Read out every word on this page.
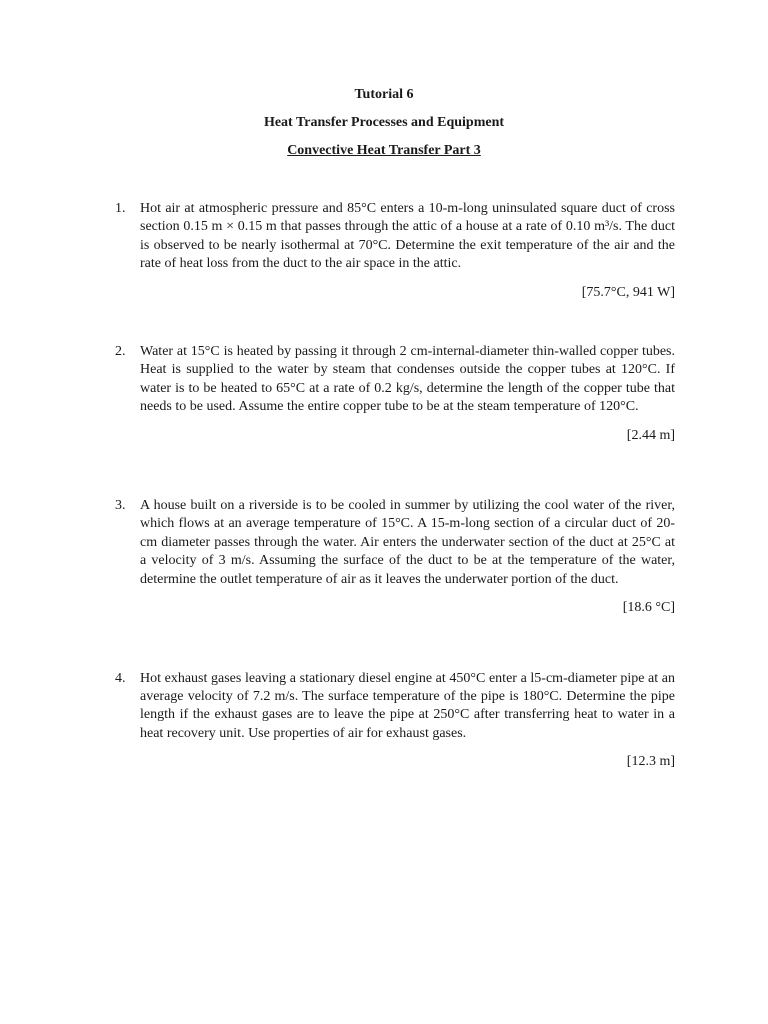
Tutorial 6
Heat Transfer Processes and Equipment
Convective Heat Transfer Part 3
1. Hot air at atmospheric pressure and 85°C enters a 10-m-long uninsulated square duct of cross section 0.15 m × 0.15 m that passes through the attic of a house at a rate of 0.10 m³/s. The duct is observed to be nearly isothermal at 70°C. Determine the exit temperature of the air and the rate of heat loss from the duct to the air space in the attic.
[75.7°C, 941 W]
2. Water at 15°C is heated by passing it through 2 cm-internal-diameter thin-walled copper tubes. Heat is supplied to the water by steam that condenses outside the copper tubes at 120°C. If water is to be heated to 65°C at a rate of 0.2 kg/s, determine the length of the copper tube that needs to be used. Assume the entire copper tube to be at the steam temperature of 120°C.
[2.44 m]
3. A house built on a riverside is to be cooled in summer by utilizing the cool water of the river, which flows at an average temperature of 15°C. A 15-m-long section of a circular duct of 20-cm diameter passes through the water. Air enters the underwater section of the duct at 25°C at a velocity of 3 m/s. Assuming the surface of the duct to be at the temperature of the water, determine the outlet temperature of air as it leaves the underwater portion of the duct.
[18.6 °C]
4. Hot exhaust gases leaving a stationary diesel engine at 450°C enter a l5-cm-diameter pipe at an average velocity of 7.2 m/s. The surface temperature of the pipe is 180°C. Determine the pipe length if the exhaust gases are to leave the pipe at 250°C after transferring heat to water in a heat recovery unit. Use properties of air for exhaust gases.
[12.3 m]
